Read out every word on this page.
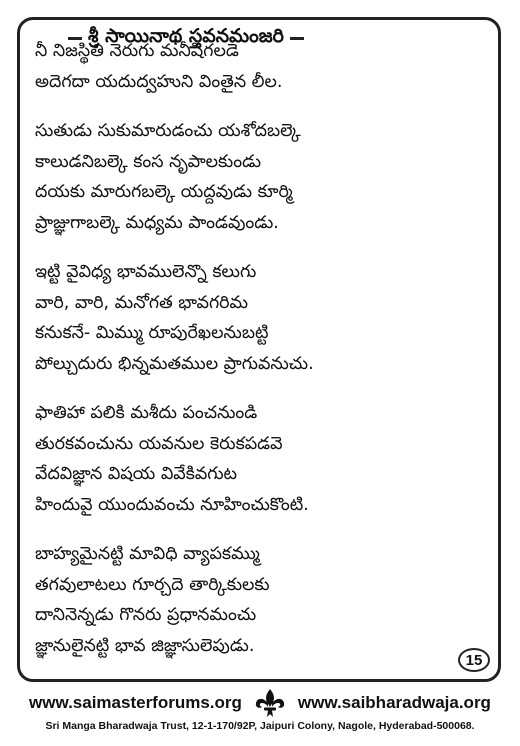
శ్రీ సాయినాథ స్తవనమంజరి
నీ నిజస్థితి నెరుగు మనీషిగలడె
అదెగదా యదుద్వహుని వింతైన లీల.
సుతుడు సుకుమారుడంచు యశోదబల్కె
కాలుడనిబల్కె కంస నృపాలకుండు
దయకు మారుగబల్కె యద్దవుడు కూర్మి
ప్రాజ్ఞుగాబల్కె మధ్యమ పాండవుండు.
ఇట్టి వైవిధ్య భావములెన్నొ కలుగు
వారి, వారి, మనోగత భావగరిమ
కనుకనే- మిమ్ము రూపురేఖలనుబట్టి
పోల్చుదురు భిన్నమతముల ప్రాగువనుచు.
ఫాతిహా పలికి మశీదు పంచనుండి
తురకవంచును యవనుల కెరుకపడవె
వేదవిజ్ఞాన విషయ వివేకివగుట
హిందువై యుందువంచు నూహించుకొంటి.
బాహ్యమైనట్టి మావిధి వ్యాపకమ్ము
తగవులాటలు గూర్చదె తార్కికులకు
దానినెన్నడు గొనరు ప్రధానమంచు
జ్ఞానులైనట్టి భావ జిజ్ఞాసులెపుడు.
15
www.saimasterforums.org	www.saibharadwaja.org
Sri Manga Bharadwaja Trust, 12-1-170/92P, Jaipuri Colony, Nagole, Hyderabad-500068.
